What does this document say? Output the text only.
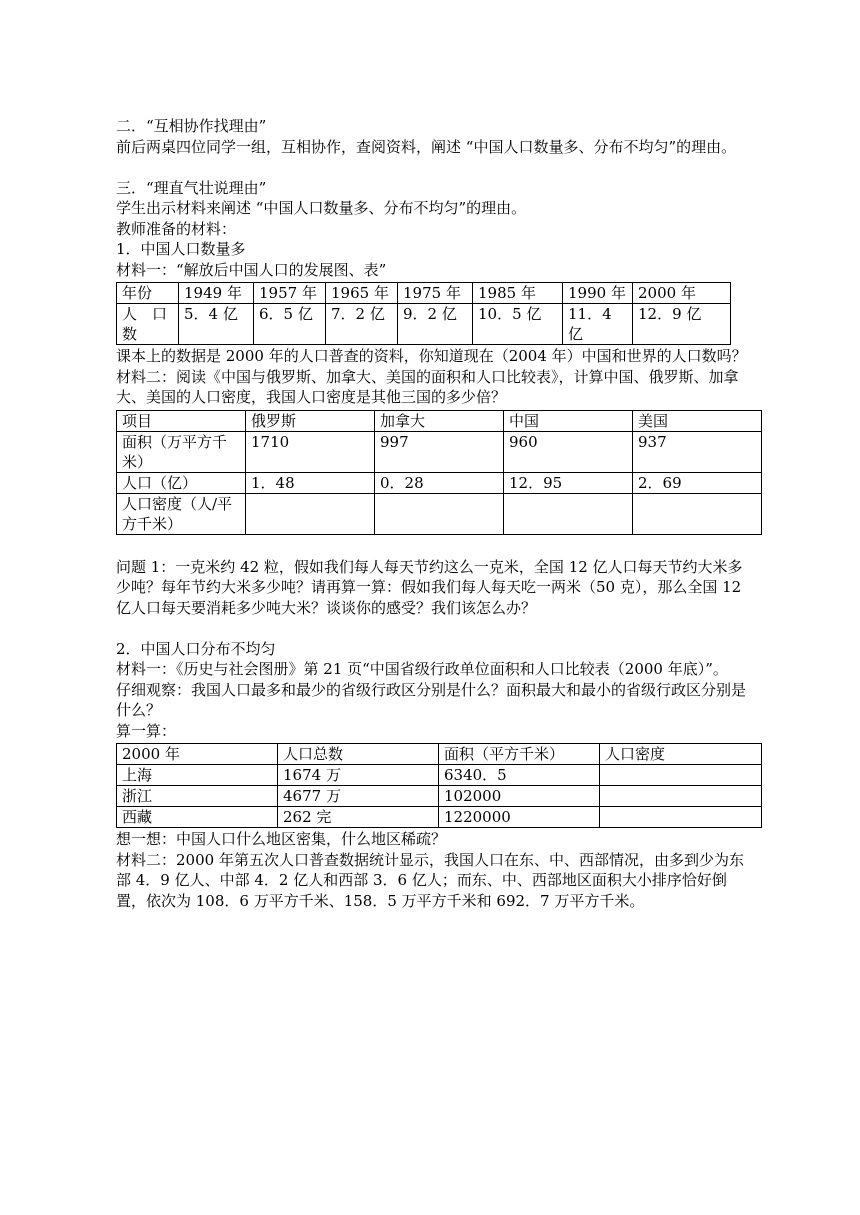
二．“互相协作找理由”

前后两桌四位同学一组，互相协作，查阅资料，阐述 “中国人口数量多、分布不均匀”的理由。

三．“理直气壮说理由”

学生出示材料来阐述 “中国人口数量多、分布不均匀”的理由。

教师准备的材料：

1．中国人口数量多

材料一：“解放后中国人口的发展图、表”

年份	1949 年	1957 年	1965 年	1975 年	1985 年	1990 年	2000 年
人　口数	5．4 亿	6．5 亿	7．2 亿	9．2 亿	10．5 亿	11．4 亿	12．9 亿

课本上的数据是 2000 年的人口普查的资料，你知道现在（2004 年）中国和世界的人口数吗？

材料二：阅读《中国与俄罗斯、加拿大、美国的面积和人口比较表》，计算中国、俄罗斯、加拿大、美国的人口密度，我国人口密度是其他三国的多少倍？

项目	俄罗斯	加拿大	中国	美国
面积（万平方千米）	1710	997	960	937
人口（亿）	1．48	0．28	12．95	2．69
人口密度（人/平方千米）				

问题 1：一克米约 42 粒，假如我们每人每天节约这么一克米，全国 12 亿人口每天节约大米多少吨？每年节约大米多少吨？请再算一算：假如我们每人每天吃一两米（50 克），那么全国 12 亿人口每天要消耗多少吨大米？谈谈你的感受？我们该怎么办？

2．中国人口分布不均匀

材料一：《历史与社会图册》第 21 页“中国省级行政单位面积和人口比较表（2000 年底）”。

仔细观察：我国人口最多和最少的省级行政区分别是什么？面积最大和最小的省级行政区分别是什么？

算一算：

2000 年	人口总数	面积（平方千米）	人口密度
上海	1674 万	6340．5	
浙江	4677 万	102000	
西藏	262 完	1220000	

想一想：中国人口什么地区密集，什么地区稀疏？

材料二：2000 年第五次人口普查数据统计显示，我国人口在东、中、西部情况，由多到少为东部 4．9 亿人、中部 4．2 亿人和西部 3．6 亿人；而东、中、西部地区面积大小排序恰好倒置，依次为 108．6 万平方千米、158．5 万平方千米和 692．7 万平方千米。
